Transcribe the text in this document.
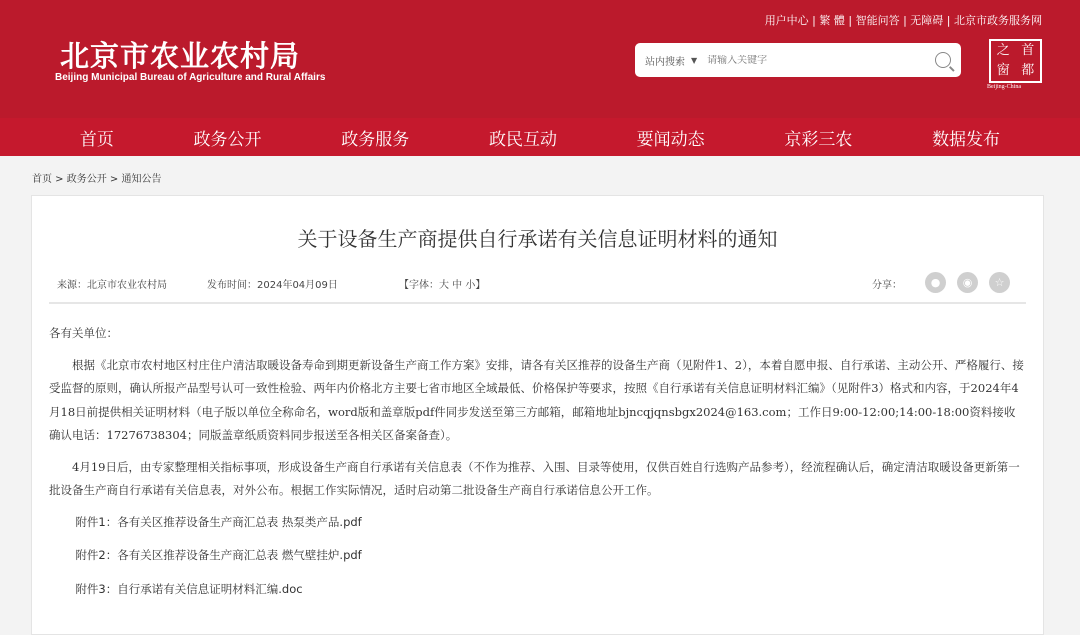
北京市农业农村局
Beijing Municipal Bureau of Agriculture and Rural Affairs
用户中心 | 繁 體 | 智能问答 | 无障碍 | 北京市政务服务网
站内搜索 ▼
请输入关键字
之 首
窗 都
Beijing-China
首页	政务公开	政务服务	政民互动	要闻动态	京彩三农	数据发布
首页 > 政务公开 > 通知公告
关于设备生产商提供自行承诺有关信息证明材料的通知
来源：北京市农业农村局	发布时间：2024年04月09日	【字体：大 中 小】	分享：	●	◉	☆

各有关单位：

根据《北京市农村地区村庄住户清洁取暖设备寿命到期更新设备生产商工作方案》安排，请各有关区推荐的设备生产商（见附件1、2），本着自愿申报、自行承诺、主动公开、严格履行、接受监督的原则，确认所报产品型号认可一致性检验、两年内价格北方主要七省市地区全域最低、价格保护等要求，按照《自行承诺有关信息证明材料汇编》（见附件3）格式和内容，于2024年4月18日前提供相关证明材料（电子版以单位全称命名，word版和盖章版pdf件同步发送至第三方邮箱，邮箱地址bjncqjqnsbgx2024@163.com；工作日9:00-12:00;14:00-18:00资料接收确认电话：17276738304；同版盖章纸质资料同步报送至各相关区备案备查）。

4月19日后，由专家整理相关指标事项，形成设备生产商自行承诺有关信息表（不作为推荐、入围、目录等使用，仅供百姓自行选购产品参考），经流程确认后，确定清洁取暖设备更新第一批设备生产商自行承诺有关信息表，对外公布。根据工作实际情况，适时启动第二批设备生产商自行承诺信息公开工作。

附件1：各有关区推荐设备生产商汇总表 热泵类产品.pdf

附件2：各有关区推荐设备生产商汇总表 燃气壁挂炉.pdf

附件3：自行承诺有关信息证明材料汇编.doc
